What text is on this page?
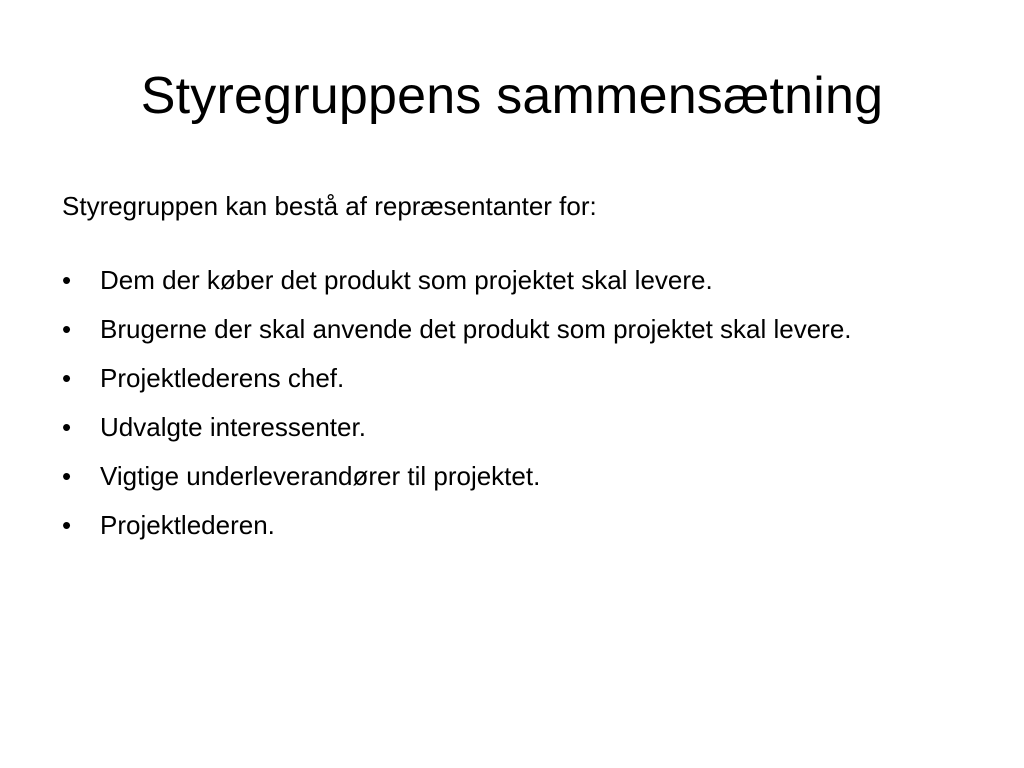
Styregruppens sammensætning

Styregruppen kan bestå af repræsentanter for:

•	Dem der køber det produkt som projektet skal levere.
•	Brugerne der skal anvende det produkt som projektet skal levere.
•	Projektlederens chef.
•	Udvalgte interessenter.
•	Vigtige underleverandører til projektet.
•	Projektlederen.
